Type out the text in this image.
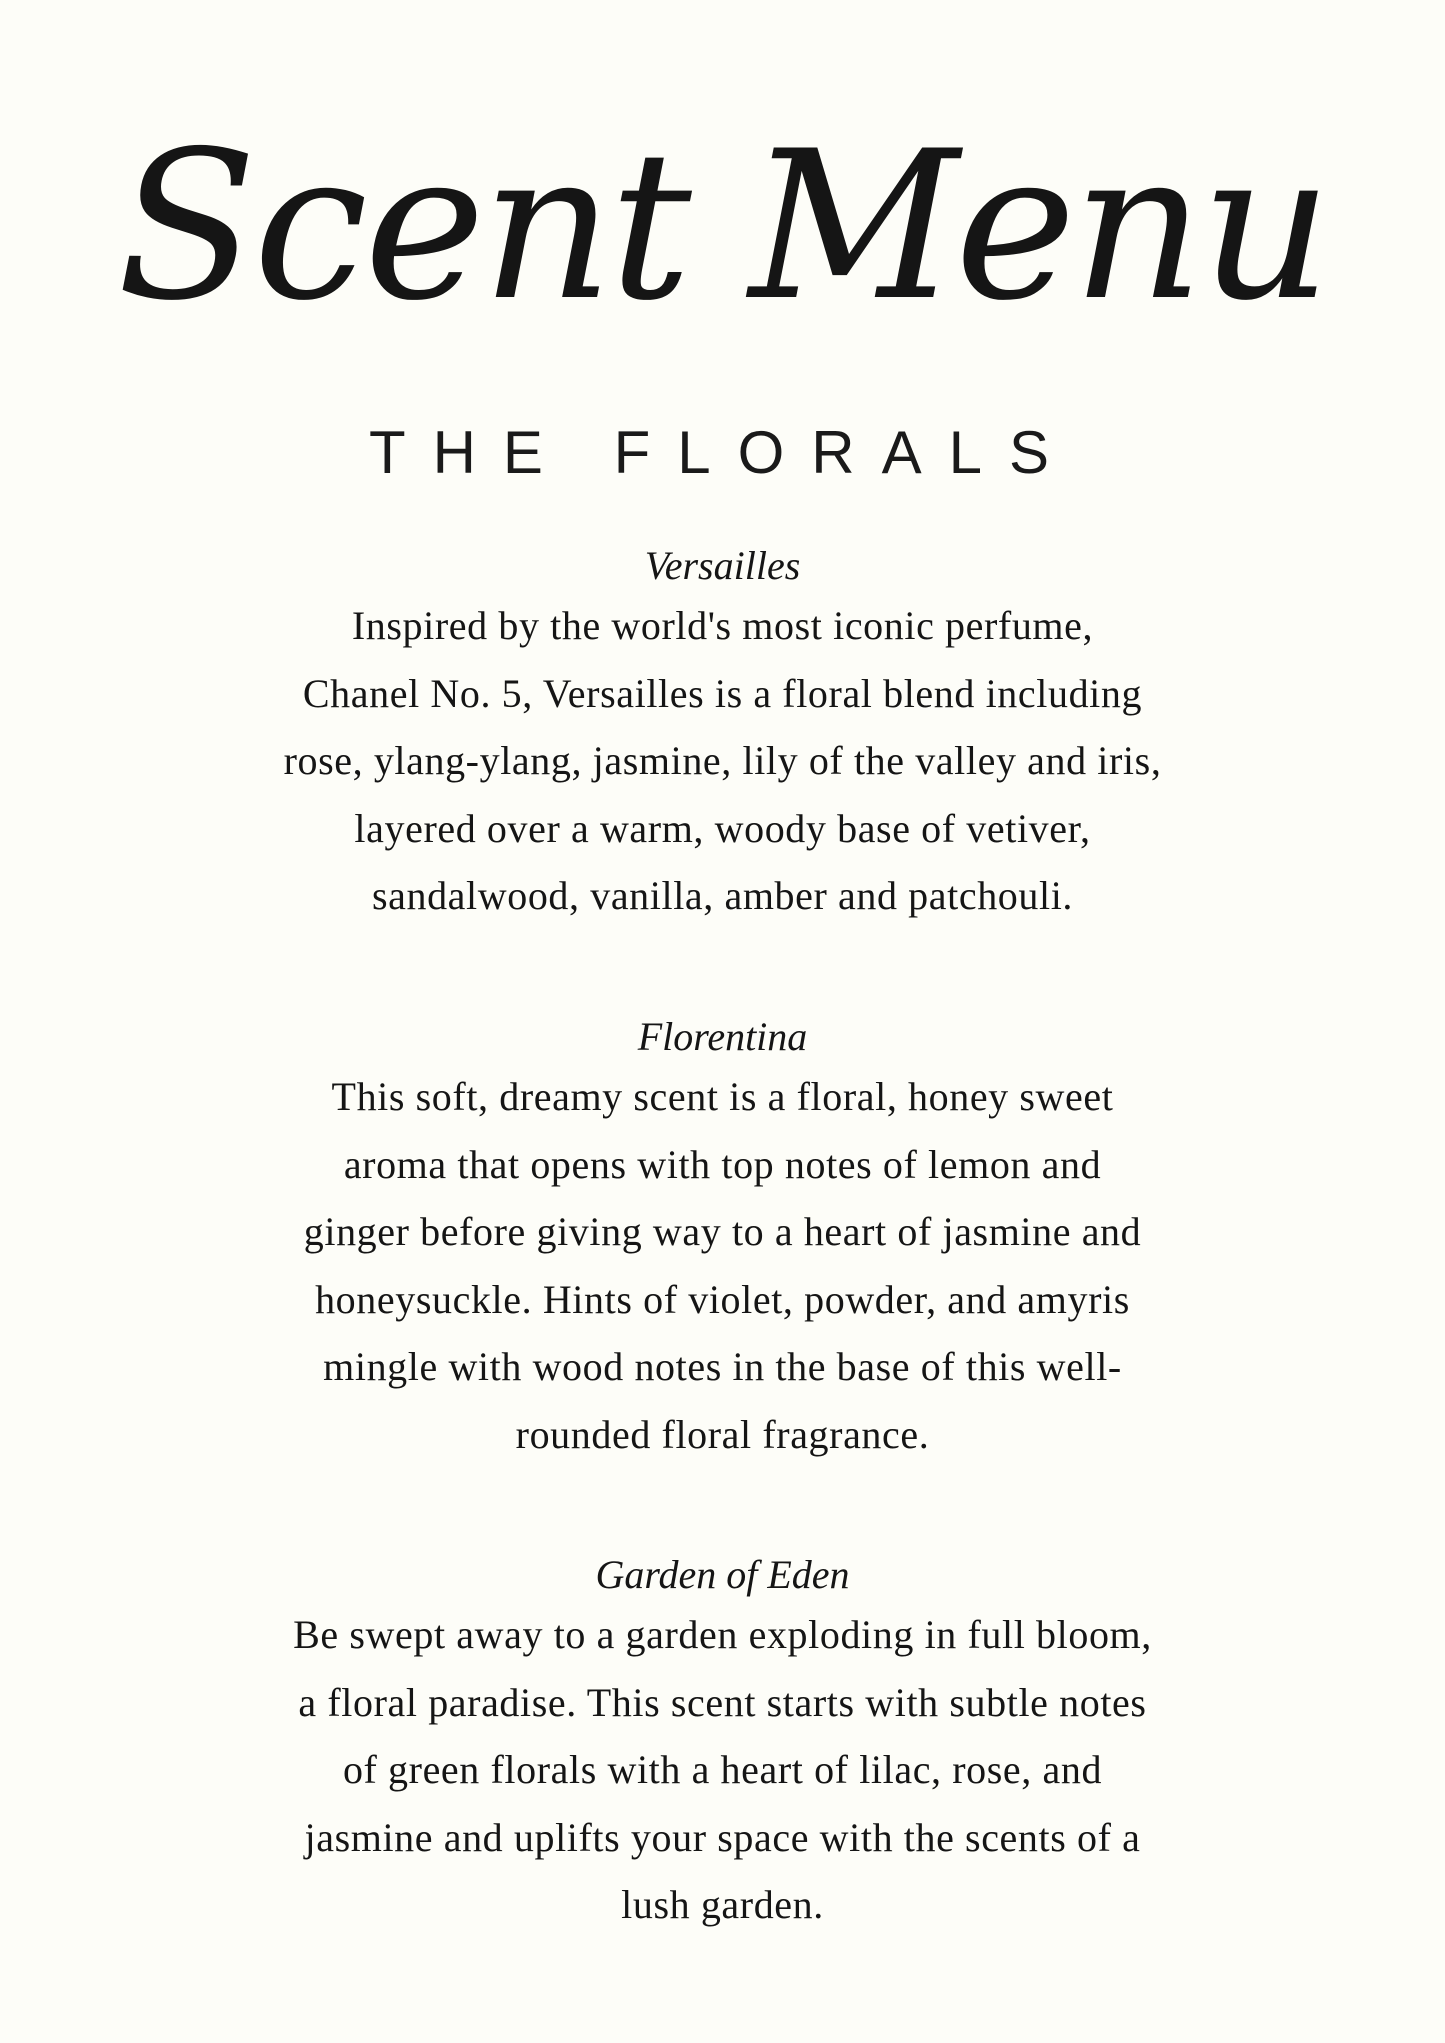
Scent Menu
THE FLORALS
Versailles
Inspired by the world's most iconic perfume,
Chanel No. 5, Versailles is a floral blend including
rose, ylang-ylang, jasmine, lily of the valley and iris,
layered over a warm, woody base of vetiver,
sandalwood, vanilla, amber and patchouli.
Florentina
This soft, dreamy scent is a floral, honey sweet
aroma that opens with top notes of lemon and
ginger before giving way to a heart of jasmine and
honeysuckle. Hints of violet, powder, and amyris
mingle with wood notes in the base of this well-
rounded floral fragrance.
Garden of Eden
Be swept away to a garden exploding in full bloom,
a floral paradise. This scent starts with subtle notes
of green florals with a heart of lilac, rose, and
jasmine and uplifts your space with the scents of a
lush garden.
